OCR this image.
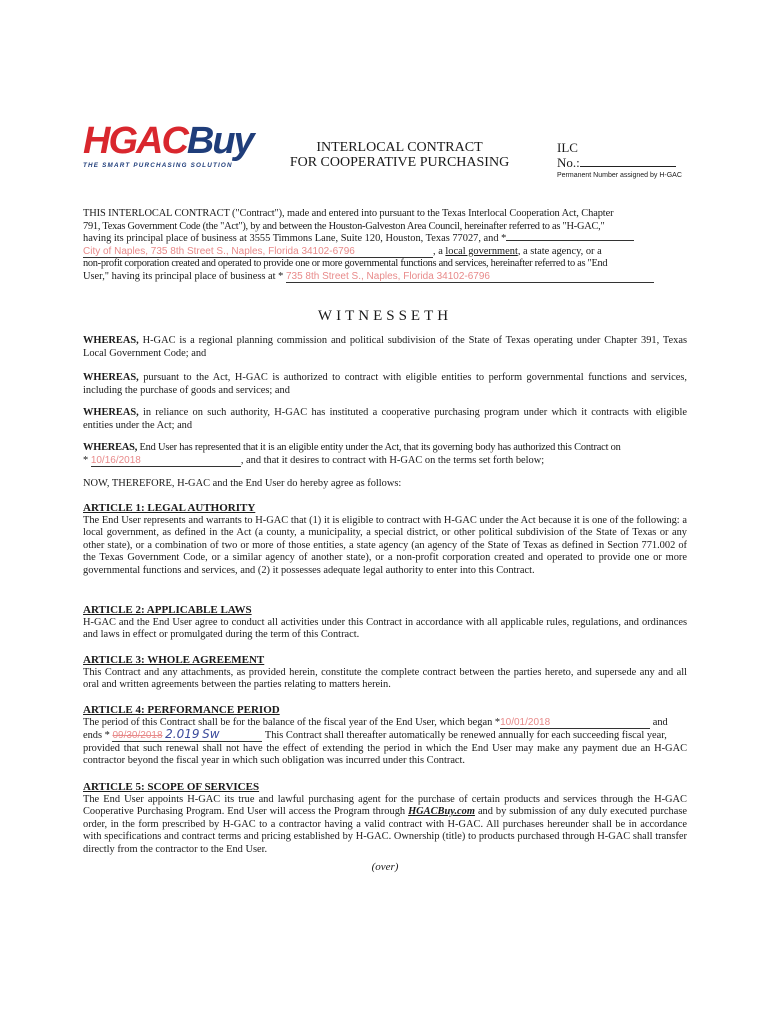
HGACBuy
THE SMART PURCHASING SOLUTION
INTERLOCAL CONTRACT
FOR COOPERATIVE PURCHASING
ILC
No.:
Permanent Number assigned by H-GAC
THIS INTERLOCAL CONTRACT ("Contract"), made and entered into pursuant to the Texas Interlocal Cooperation Act, Chapter
791, Texas Government Code (the "Act"), by and between the Houston-Galveston Area Council, hereinafter referred to as "H-GAC,"
having its principal place of business at 3555 Timmons Lane, Suite 120, Houston, Texas 77027, and *
City of Naples, 735 8th Street S., Naples, Florida 34102-6796	, a local government, a state agency, or a
non-profit corporation created and operated to provide one or more governmental functions and services, hereinafter referred to as "End
User," having its principal place of business at * 735 8th Street S., Naples, Florida 34102-6796
WITNESSETH
WHEREAS, H-GAC is a regional planning commission and political subdivision of the State of Texas operating under Chapter 391, Texas Local Government Code; and
WHEREAS, pursuant to the Act, H-GAC is authorized to contract with eligible entities to perform governmental functions and services, including the purchase of goods and services; and
WHEREAS, in reliance on such authority, H-GAC has instituted a cooperative purchasing program under which it contracts with eligible entities under the Act; and
WHEREAS, End User has represented that it is an eligible entity under the Act, that its governing body has authorized this Contract on
* 10/16/2018	, and that it desires to contract with H-GAC on the terms set forth below;
NOW, THEREFORE, H-GAC and the End User do hereby agree as follows:
ARTICLE 1: LEGAL AUTHORITY
The End User represents and warrants to H-GAC that (1) it is eligible to contract with H-GAC under the Act because it is one of the following: a local government, as defined in the Act (a county, a municipality, a special district, or other political subdivision of the State of Texas or any other state), or a combination of two or more of those entities, a state agency (an agency of the State of Texas as defined in Section 771.002 of the Texas Government Code, or a similar agency of another state), or a non-profit corporation created and operated to provide one or more governmental functions and services, and (2) it possesses adequate legal authority to enter into this Contract.
ARTICLE 2: APPLICABLE LAWS
H-GAC and the End User agree to conduct all activities under this Contract in accordance with all applicable rules, regulations, and ordinances and laws in effect or promulgated during the term of this Contract.
ARTICLE 3: WHOLE AGREEMENT
This Contract and any attachments, as provided herein, constitute the complete contract between the parties hereto, and supersede any and all oral and written agreements between the parties relating to matters herein.
ARTICLE 4: PERFORMANCE PERIOD
The period of this Contract shall be for the balance of the fiscal year of the End User, which began *10/01/2018	and
ends * 09/30/2018 2.019 Sw	This Contract shall thereafter automatically be renewed annually for each succeeding fiscal year,
provided that such renewal shall not have the effect of extending the period in which the End User may make any payment due an H-GAC contractor beyond the fiscal year in which such obligation was incurred under this Contract.
ARTICLE 5: SCOPE OF SERVICES
The End User appoints H-GAC its true and lawful purchasing agent for the purchase of certain products and services through the H-GAC Cooperative Purchasing Program. End User will access the Program through HGACBuy.com and by submission of any duly executed purchase order, in the form prescribed by H-GAC to a contractor having a valid contract with H-GAC. All purchases hereunder shall be in accordance with specifications and contract terms and pricing established by H-GAC. Ownership (title) to products purchased through H-GAC shall transfer directly from the contractor to the End User.
(over)
